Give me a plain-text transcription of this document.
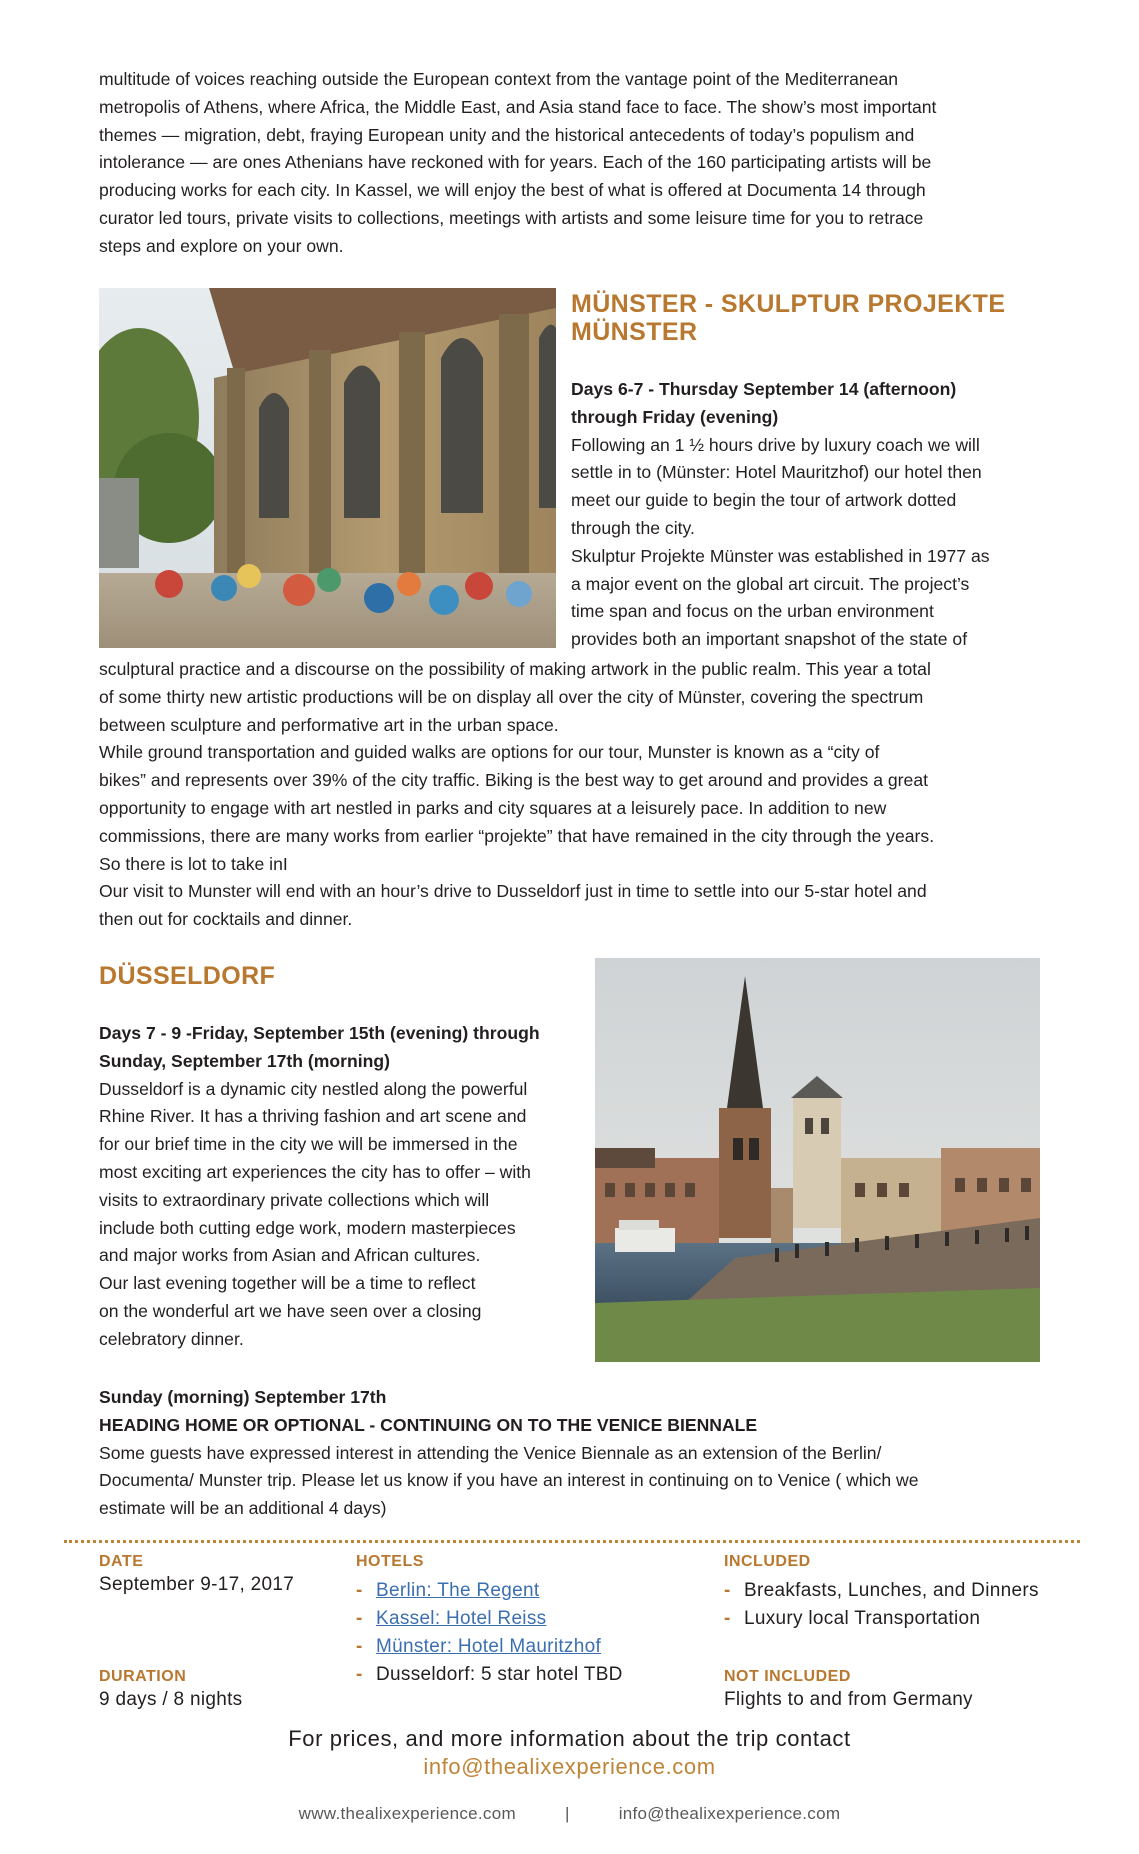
multitude of voices reaching outside the European context from the vantage point of the Mediterranean
metropolis of Athens, where Africa, the Middle East, and Asia stand face to face. The show’s most important
themes — migration, debt, fraying European unity and the historical antecedents of today’s populism and
intolerance — are ones Athenians have reckoned with for years. Each of the 160 participating artists will be
producing works for each city. In Kassel, we will enjoy the best of what is offered at Documenta 14 through
curator led tours, private visits to collections, meetings with artists and some leisure time for you to retrace
steps and explore on your own.
MÜNSTER - SKULPTUR PROJEKTE
MÜNSTER
Days 6-7 - Thursday September 14 (afternoon)
through Friday (evening)
Following an 1 ½ hours drive by luxury coach we will
settle in to (Münster: Hotel Mauritzhof) our hotel then
meet our guide to begin the tour of artwork dotted
through the city.
Skulptur Projekte Münster was established in 1977 as
a major event on the global art circuit. The project’s
time span and focus on the urban environment
provides both an important snapshot of the state of
sculptural practice and a discourse on the possibility of making artwork in the public realm. This year a total
of some thirty new artistic productions will be on display all over the city of Münster, covering the spectrum
between sculpture and performative art in the urban space.
While ground transportation and guided walks are options for our tour, Munster is known as a “city of
bikes” and represents over 39% of the city traffic. Biking is the best way to get around and provides a great
opportunity to engage with art nestled in parks and city squares at a leisurely pace. In addition to new
commissions, there are many works from earlier “projekte” that have remained in the city through the years.
So there is lot to take inI
Our visit to Munster will end with an hour’s drive to Dusseldorf just in time to settle into our 5-star hotel and
then out for cocktails and dinner.
DÜSSELDORF
Days 7 - 9 -Friday, September 15th (evening) through
Sunday, September 17th (morning)
Dusseldorf is a dynamic city nestled along the powerful
Rhine River. It has a thriving fashion and art scene and
for our brief time in the city we will be immersed in the
most exciting art experiences the city has to offer – with
visits to extraordinary private collections which will
include both cutting edge work, modern masterpieces
and major works from Asian and African cultures.
Our last evening together will be a time to reflect
on the wonderful art we have seen over a closing
celebratory dinner.
Sunday (morning) September 17th
HEADING HOME OR OPTIONAL - CONTINUING ON TO THE VENICE BIENNALE
Some guests have expressed interest in attending the Venice Biennale as an extension of the Berlin/
Documenta/ Munster trip. Please let us know if you have an interest in continuing on to Venice ( which we
estimate will be an additional 4 days)
DATE
September 9-17, 2017
DURATION
9 days / 8 nights
HOTELS
- Berlin: The Regent
- Kassel: Hotel Reiss
- Münster: Hotel Mauritzhof
- Dusseldorf: 5 star hotel TBD
INCLUDED
- Breakfasts, Lunches, and Dinners
- Luxury local Transportation
NOT INCLUDED
Flights to and from Germany
For prices, and more information about the trip contact
info@thealixexperience.com
www.thealixexperience.com	|	info@thealixexperience.com
